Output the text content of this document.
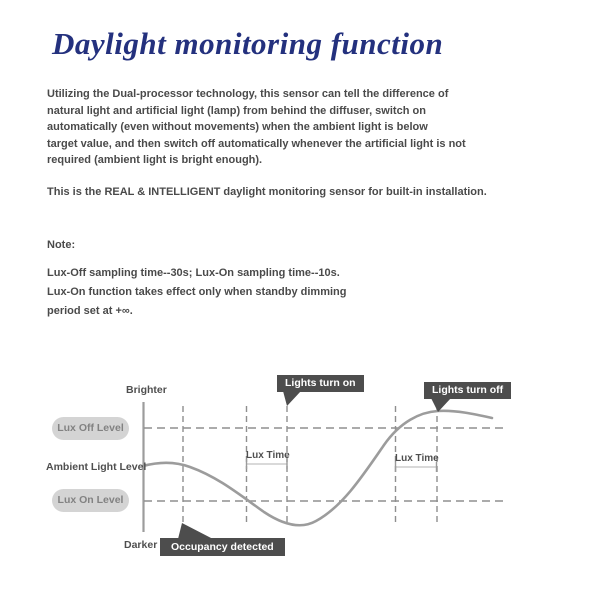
Daylight monitoring function
Utilizing the Dual-processor technology, this sensor can tell the difference of
natural light and artificial light (lamp) from behind the diffuser, switch on
automatically (even without movements) when the ambient light is below
target value, and then switch off automatically whenever the artificial light is not
required (ambient light is bright enough).
This is the REAL & INTELLIGENT daylight monitoring sensor for built-in installation.
Note:
Lux-Off sampling time--30s; Lux-On sampling time--10s.
Lux-On function takes effect only when standby dimming
period set at +∞.
Brighter
Darker
Lux Off Level
Ambient Light Level
Lux On Level
Lights turn on
Lights turn off
Occupancy detected
Lux Time	Lux Time
